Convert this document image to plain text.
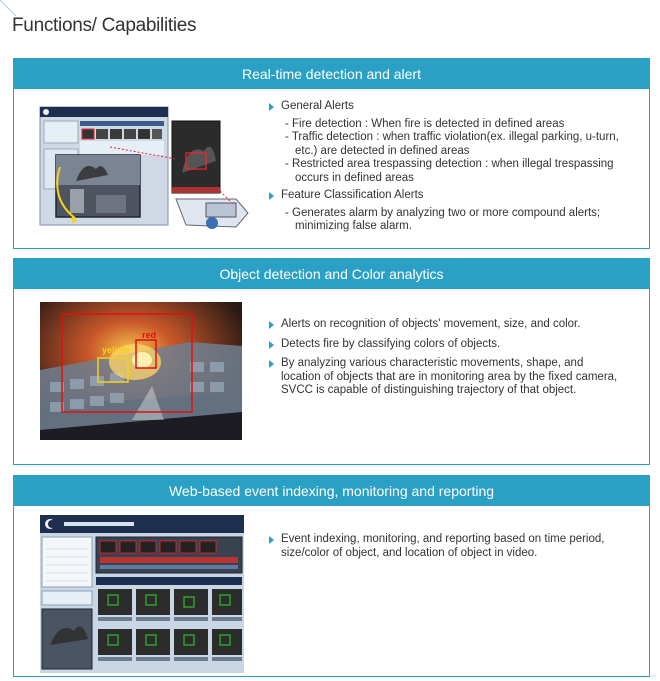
Functions/ Capabilities
Real-time detection and alert
General Alerts
- Fire detection : When fire is detected in defined areas
- Traffic detection : when traffic violation(ex. illegal parking, u-turn, etc.) are detected in defined areas
- Restricted area trespassing detection : when illegal trespassing occurs in defined areas
Feature Classification Alerts
- Generates alarm by analyzing two or more compound alerts; minimizing false alarm.
Object detection and Color analytics
yellow
red
Alerts on recognition of objects' movement, size, and color.
Detects fire by classifying colors of objects.
By analyzing various characteristic movements, shape, and location of objects that are in monitoring area by the fixed camera, SVCC is capable of distinguishing trajectory of that object.
Web-based event indexing, monitoring and reporting
Event indexing, monitoring, and reporting based on time period, size/color of object, and location of object in video.
